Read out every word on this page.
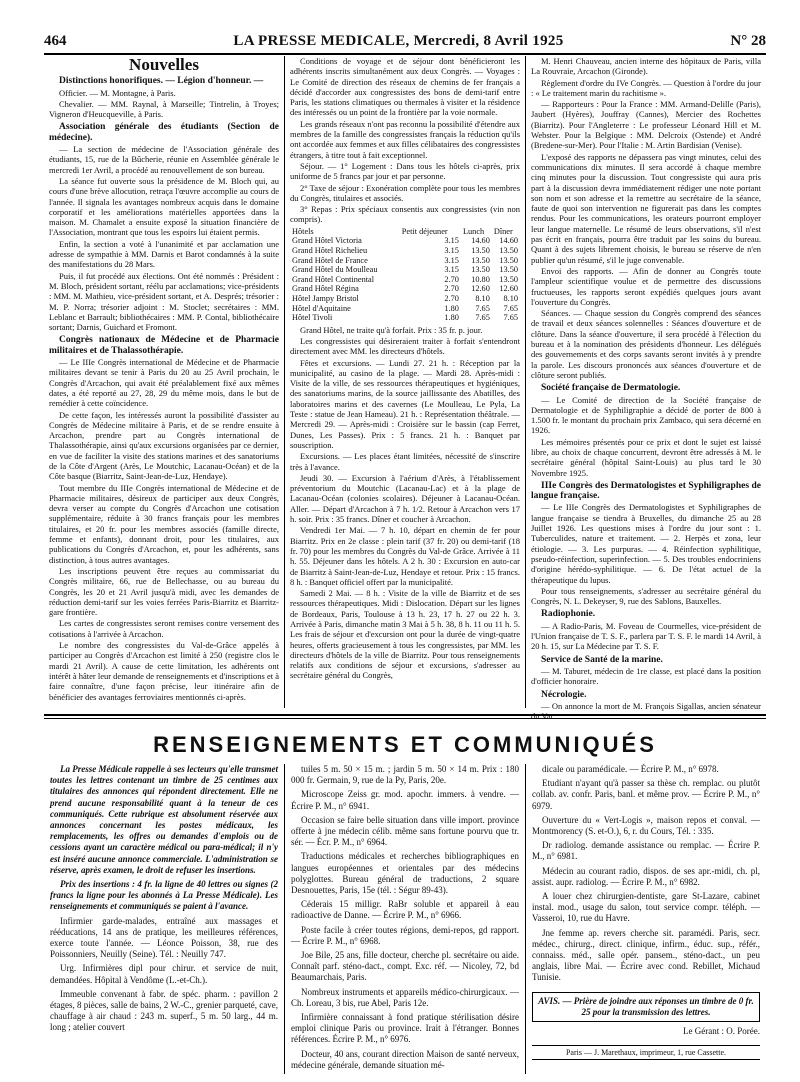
464	LA PRESSE MEDICALE, Mercredi, 8 Avril 1925	N° 28
Nouvelles
Distinctions honorifiques. — Légion d'honneur. —

Officier. — M. Montagne, à Paris.

Chevalier. — MM. Raynal, à Marseille; Tintrelin, à Troyes; Vigneron d'Heucqueville, à Paris.

Association générale des étudiants (Section de médecine).

— La section de médecine de l'Association générale des étudiants, 15, rue de la Bûcherie, réunie en Assemblée générale le mercredi 1er Avril, a procédé au renouvellement de son bureau.

La séance fut ouverte sous la présidence de M. Bloch qui, au cours d'une brève allocution, retraça l'œuvre accomplie au cours de l'année. Il signala les avantages nombreux acquis dans le domaine corporatif et les améliorations matérielles apportées dans la maison. M. Chamalet a ensuite exposé la situation financière de l'Association, montrant que tous les espoirs lui étaient permis.

Enfin, la section a voté à l'unanimité et par acclamation une adresse de sympathie à MM. Darnis et Barot condamnés à la suite des manifestations du 28 Mars.

Puis, il fut procédé aux élections. Ont été nommés : Président : M. Bloch, président sortant, réélu par acclamations; vice-présidents : MM. M. Mathieu, vice-président sortant, et A. Després; trésorier : M. P. Norra; trésorier adjoint : M. Stoclet; secrétaires : MM. Leblanc et Barrault; bibliothécaires : MM. P. Contal, bibliothécaire sortant; Darnis, Guichard et Fromont.

Congrès nationaux de Médecine et de Pharmacie militaires et de Thalassothérapie.

— Le IIIe Congrès international de Médecine et de Pharmacie militaires devant se tenir à Paris du 20 au 25 Avril prochain, le Congrès d'Arcachon, qui avait été préalablement fixé aux mêmes dates, a été reporté au 27, 28, 29 du même mois, dans le but de remédier à cette coïncidence.

De cette façon, les intéressés auront la possibilité d'assister au Congrès de Médecine militaire à Paris, et de se rendre ensuite à Arcachon, prendre part au Congrès international de Thalassothérapie, ainsi qu'aux excursions organisées par ce dernier, en vue de faciliter la visite des stations marines et des sanatoriums de la Côte d'Argent (Arès, Le Moutchic, Lacanau-Océan) et de la Côte basque (Biarritz, Saint-Jean-de-Luz, Hendaye).

Tout membre du IIIe Congrès international de Médecine et de Pharmacie militaires, désireux de participer aux deux Congrès, devra verser au compte du Congrès d'Arcachon une cotisation supplémentaire, réduite à 30 francs français pour les membres titulaires, et 20 fr. pour les membres associés (famille directe, femme et enfants), donnant droit, pour les titulaires, aux publications du Congrès d'Arcachon, et, pour les adhérents, sans distinction, à tous autres avantages.

Les inscriptions peuvent être reçues au commissariat du Congrès militaire, 66, rue de Bellechasse, ou au bureau du Congrès, les 20 et 21 Avril jusqu'à midi, avec les demandes de réduction demi-tarif sur les voies ferrées Paris-Biarritz et Biarritz-gare frontière.

Les cartes de congressistes seront remises contre versement des cotisations à l'arrivée à Arcachon.

Le nombre des congressistes du Val-de-Grâce appelés à participer au Congrès d'Arcachon est limité à 250 (registre clos le mardi 21 Avril). A cause de cette limitation, les adhérents ont intérêt à hâter leur demande de renseignements et d'inscriptions et à faire connaître, d'une façon précise, leur itinéraire afin de bénéficier des avantages ferroviaires mentionnés ci-après.

Conditions de voyage et de séjour dont bénéficieront les adhérents inscrits simultanément aux deux Congrès. — Voyages : Le Comité de direction des réseaux de chemins de fer français a décidé d'accorder aux congressistes des bons de demi-tarif entre Paris, les stations climatiques ou thermales à visiter et la résidence des intéressés ou un point de la frontière par la voie normale.

Les grands réseaux n'ont pas reconnu la possibilité d'étendre aux membres de la famille des congressistes français la réduction qu'ils ont accordée aux femmes et aux filles célibataires des congressistes étrangers, à titre tout à fait exceptionnel.

Séjour. — 1° Logement : Dans tous les hôtels ci-après, prix uniforme de 5 francs par jour et par personne.

2° Taxe de séjour : Exonération complète pour tous les membres du Congrès, titulaires et associés.

3° Repas : Prix spéciaux consentis aux congressistes (vin non compris).

Hôtels	Petit déjeuner	Lunch	Dîner
Grand Hôtel Victoria	3.15	14.60	14.60
Grand Hôtel Richelieu	3.15	13.50	13.50
Grand Hôtel de France	3.15	13.50	13.50
Grand Hôtel du Moulleau	3.15	13.50	13.50
Grand Hôtel Continental	2.70	10.80	13.50
Grand Hôtel Régina	2.70	12.60	12.60
Hôtel Jampy Bristol	2.70	8.10	8.10
Hôtel d'Aquitaine	1.80	7.65	7.65
Hôtel Tivoli	1.80	7.65	7.65

Grand Hôtel, ne traite qu'à forfait. Prix : 35 fr. p. jour.

Les congressistes qui désireraient traiter à forfait s'entendront directement avec MM. les directeurs d'hôtels.

Fêtes et excursions. — Lundi 27. 21 h. : Réception par la municipalité, au casino de la plage. — Mardi 28. Après-midi : Visite de la ville, de ses ressources thérapeutiques et hygiéniques, des sanatoriums marins, de la source jaillissante des Abatilles, des laboratoires marins et des cavernes (Le Moulleau, Le Pyla, La Teste : statue de Jean Hameau). 21 h. : Représentation théâtrale. — Mercredi 29. — Après-midi : Croisière sur le bassin (cap Ferret, Dunes, Les Passes). Prix : 5 francs. 21 h. : Banquet par souscription.

Excursions. — Les places étant limitées, nécessité de s'inscrire très à l'avance.

Jeudi 30. — Excursion à l'aérium d'Arès, à l'établissement préventorium du Moutchic (Lacanau-Lac) et à la plage de Lacanau-Océan (colonies scolaires). Déjeuner à Lacanau-Océan. Aller. — Départ d'Arcachon à 7 h. 1/2. Retour à Arcachon vers 17 h. soir. Prix : 35 francs. Dîner et coucher à Arcachon.

Vendredi 1er Mai. — 7 h. 10, départ en chemin de fer pour Biarritz. Prix en 2e classe : plein tarif (37 fr. 20) ou demi-tarif (18 fr. 70) pour les membres du Congrès du Val-de Grâce. Arrivée à 11 h. 55. Déjeuner dans les hôtels. A 2 h. 30 : Excursion en auto-car de Biarritz à Saint-Jean-de-Luz, Hendaye et retour. Prix : 15 francs. 8 h. : Banquet officiel offert par la municipalité.

Samedi 2 Mai. — 8 h. : Visite de la ville de Biarritz et de ses ressources thérapeutiques. Midi : Dislocation. Départ sur les lignes de Bordeaux, Paris, Toulouse à 13 h. 23, 17 h. 27 ou 22 h. 3. Arrivée à Paris, dimanche matin 3 Mai à 5 h. 38, 8 h. 11 ou 11 h. 5. Les frais de séjour et d'excursion ont pour la durée de vingt-quatre heures, offerts gracieusement à tous les congressistes, par MM. les directeurs d'hôtels de la ville de Biarritz. Pour tous renseignements relatifs aux conditions de séjour et excursions, s'adresser au secrétaire général du Congrès,

M. Henri Chauveau, ancien interne des hôpitaux de Paris, villa La Rouvraie, Arcachon (Gironde).

Règlement d'ordre du IVe Congrès. — Question à l'ordre du jour : « Le traitement marin du rachitisme ».

— Rapporteurs : Pour la France : MM. Armand-Delille (Paris), Jaubert (Hyères), Jouffray (Cannes), Mercier des Rochettes (Biarritz). Pour l'Angleterre : Le professeur Léonard Hill et M. Webster. Pour la Belgique : MM. Delcroix (Ostende) et André (Bredene-sur-Mer). Pour l'Italie : M. Artin Bardisian (Venise).

L'exposé des rapports ne dépassera pas vingt minutes, celui des communications dix minutes. Il sera accordé à chaque membre cinq minutes pour la discussion. Tout congressiste qui aura pris part à la discussion devra immédiatement rédiger une note portant son nom et son adresse et la remettre au secrétaire de la séance, faute de quoi son intervention ne figurerait pas dans les comptes rendus. Pour les communications, les orateurs pourront employer leur langue maternelle. Le résumé de leurs observations, s'il n'est pas écrit en français, pourra être traduit par les soins du bureau. Quant à des sujets librement choisis, le bureau se réserve de n'en publier qu'un résumé, s'il le juge convenable.

Envoi des rapports. — Afin de donner au Congrès toute l'ampleur scientifique voulue et de permettre des discussions fructueuses, les rapports seront expédiés quelques jours avant l'ouverture du Congrès.

Séances. — Chaque session du Congrès comprend des séances de travail et deux séances solennelles : Séances d'ouverture et de clôture. Dans la séance d'ouverture, il sera procédé à l'élection du bureau et à la nomination des présidents d'honneur. Les délégués des gouvernements et des corps savants seront invités à y prendre la parole. Les discours prononcés aux séances d'ouverture et de clôture seront publiés.

Société française de Dermatologie.

— Le Comité de direction de la Société française de Dermatologie et de Syphiligraphie a décidé de porter de 800 à 1.500 fr. le montant du prochain prix Zambaco, qui sera décerné en 1926.

Les mémoires présentés pour ce prix et dont le sujet est laissé libre, au choix de chaque concurrent, devront être adressés à M. le secrétaire général (hôpital Saint-Louis) au plus tard le 30 Novembre 1925.

IIIe Congrès des Dermatologistes et Syphiligraphes de langue française.

— Le IIIe Congrès des Dermatologistes et Syphiligraphes de langue française se tiendra à Bruxelles, du dimanche 25 au 28 Juillet 1926. Les questions mises à l'ordre du jour sont : 1. Tuberculides, nature et traitement. — 2. Herpès et zona, leur étiologie. — 3. Les purpuras. — 4. Réinfection syphilitique, pseudo-réinfection, superinfection. — 5. Des troubles endocriniens d'origine hérédo-syphilitique. — 6. De l'état actuel de la thérapeutique du lupus.

Pour tous renseignements, s'adresser au secrétaire général du Congrès, N. L. Dekeyser, 9, rue des Sablons, Bauxelles.

Radiophonie.

— A Radio-Paris, M. Foveau de Courmelles, vice-président de l'Union française de T. S. F., parlera par T. S. F. le mardi 14 Avril, à 20 h. 15, sur La Médecine par T. S. F.

Service de Santé de la marine.

— M. Taburet, médecin de 1re classe, est placé dans la position d'officier honoraire.

Nécrologie.

— On annonce la mort de M. François Sigallas, ancien sénateur du Var.

RENSEIGNEMENTS ET COMMUNIQUÉS

La Presse Médicale rappelle à ses lecteurs qu'elle transmet toutes les lettres contenant un timbre de 25 centimes aux titulaires des annonces qui répondent directement. Elle ne prend aucune responsabilité quant à la teneur de ces communiqués. Cette rubrique est absolument réservée aux annonces concernant les postes médicaux, les remplacements, les offres ou demandes d'emplois ou de cessions ayant un caractère médical ou para-médical; il n'y est inséré aucune annonce commerciale. L'administration se réserve, après examen, le droit de refuser les insertions.

Prix des insertions : 4 fr. la ligne de 40 lettres ou signes (2 francs la ligne pour les abonnés à La Presse Médicale). Les renseignements et communiqués se paient à l'avance.

Infirmier garde-malades, entraîné aux massages et rééducations, 14 ans de pratique, les meilleures références, exerce toute l'année. — Léonce Poisson, 38, rue des Poissonniers, Neuilly (Seine). Tél. : Neuilly 747.

Urg. Infirmières dipl pour chirur. et service de nuit, demandées. Hôpital à Vendôme (L.-et-Ch.).

Immeuble convenant à fabr. de spéc. pharm. : pavillon 2 étages, 8 pièces, salle de bains, 2 W.-C., grenier parqueté, cave, chauffage à air chaud : 243 m. superf., 5 m. 50 larg., 44 m. long ; atelier couvert

tuiles 5 m. 50 × 15 m. ; jardin 5 m. 50 × 14 m. Prix : 180 000 fr. Germain, 9, rue de la Py, Paris, 20e.

Microscope Zeiss gr. mod. apochr. immers. à vendre. — Écrire P. M., n° 6941.

Occasion se faire belle situation dans ville import. province offerte à jne médecin célib. même sans fortune pourvu que tr. sér. — Écr. P. M., n° 6964.

Traductions médicales et recherches bibliographiques en langues européennes et orientales par des médecins polyglottes. Bureau général de traductions, 2 square Desnouettes, Paris, 15e (tél. : Ségur 89-43).

Céderais 15 milligr. RaBr soluble et appareil à eau radioactive de Danne. — Écrire P. M., n° 6966.

Poste facile à créer toutes régions, demi-repos, gd rapport. — Écrire P. M., n° 6968.

Joe Bile, 25 ans, fille docteur, cherche pl. secrétaire ou aide. Connaît parf. sténo-dact., compt. Exc. réf. — Nicoley, 72, bd Beaumarchais, Paris.

Nombreux instruments et appareils médico-chirurgicaux. — Ch. Loreau, 3 bis, rue Abel, Paris 12e.

Infirmière connaissant à fond pratique stérilisation désire emploi clinique Paris ou province. Irait à l'étranger. Bonnes références. Écrire P. M., n° 6976.

Docteur, 40 ans, courant direction Maison de santé nerveux, médecine générale, demande situation mé-

dicale ou paramédicale. — Écrire P. M., n° 6978.

Etudiant n'ayant qu'à passer sa thèse ch. remplac. ou plutôt collab. av. confr. Paris, banl. et même prov. — Écrire P. M., n° 6979.

Ouverture du « Vert-Logis », maison repos et conval. — Montmorency (S. et-O.), 6, r. du Cours, Tél. : 335.

Dr radiolog. demande assistance ou remplac. — Écrire P. M., n° 6981.

Médecin au courant radio, dispos. de ses apr.-midi, ch. pl, assist. aupr. radiolog. — Écrire P. M., n° 6982.

A louer chez chirurgien-dentiste, gare St-Lazare, cabinet instal. mod., usage du salon, tout service compr. téléph. — Vasseroi, 10, rue du Havre.

Jne femme ap. revers cherche sit. paramédi. Paris, secr. médec., chirurg., direct. clinique, infirm., éduc. sup., référ., connaiss. méd., salle opér. pansem., sténo-dact., un peu anglais, libre Mai. — Écrire avec cond. Rebillet, Michaud Tunisie.

AVIS. — Prière de joindre aux réponses un timbre de 0 fr. 25 pour la transmission des lettres.
Le Gérant : O. Porée.
Paris — J. Marethaux, imprimeur, 1, rue Cassette.
